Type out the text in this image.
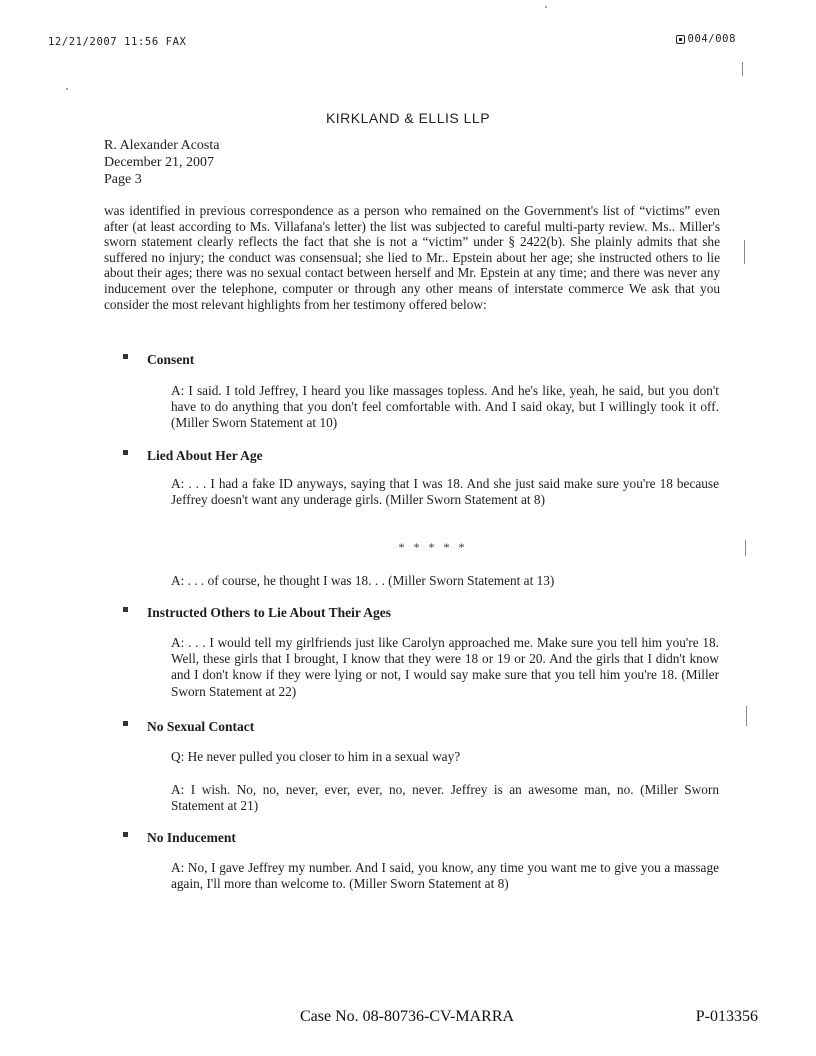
12/21/2007 11:56 FAX	004/008
KIRKLAND & ELLIS LLP
R. Alexander Acosta
December 21, 2007
Page 3
was identified in previous correspondence as a person who remained on the Government's list of “victims” even after (at least according to Ms. Villafana's letter) the list was subjected to careful multi-party review. Ms.. Miller's sworn statement clearly reflects the fact that she is not a “victim” under § 2422(b). She plainly admits that she suffered no injury; the conduct was consensual; she lied to Mr.. Epstein about her age; she instructed others to lie about their ages; there was no sexual contact between herself and Mr. Epstein at any time; and there was never any inducement over the telephone, computer or through any other means of interstate commerce We ask that you consider the most relevant highlights from her testimony offered below:
Consent
A: I said. I told Jeffrey, I heard you like massages topless. And he's like, yeah, he said, but you don't have to do anything that you don't feel comfortable with. And I said okay, but I willingly took it off. (Miller Sworn Statement at 10)
Lied About Her Age
A: . . . I had a fake ID anyways, saying that I was 18. And she just said make sure you're 18 because Jeffrey doesn't want any underage girls. (Miller Sworn Statement at 8)
* * * * *
A: . . . of course, he thought I was 18. . . (Miller Sworn Statement at 13)
Instructed Others to Lie About Their Ages
A: . . . I would tell my girlfriends just like Carolyn approached me. Make sure you tell him you're 18. Well, these girls that I brought, I know that they were 18 or 19 or 20. And the girls that I didn't know and I don't know if they were lying or not, I would say make sure that you tell him you're 18. (Miller Sworn Statement at 22)
No Sexual Contact
Q: He never pulled you closer to him in a sexual way?
A: I wish. No, no, never, ever, ever, no, never. Jeffrey is an awesome man, no. (Miller Sworn Statement at 21)
No Inducement
A: No, I gave Jeffrey my number. And I said, you know, any time you want me to give you a massage again, I'll more than welcome to. (Miller Sworn Statement at 8)
Case No. 08-80736-CV-MARRA	P-013356
